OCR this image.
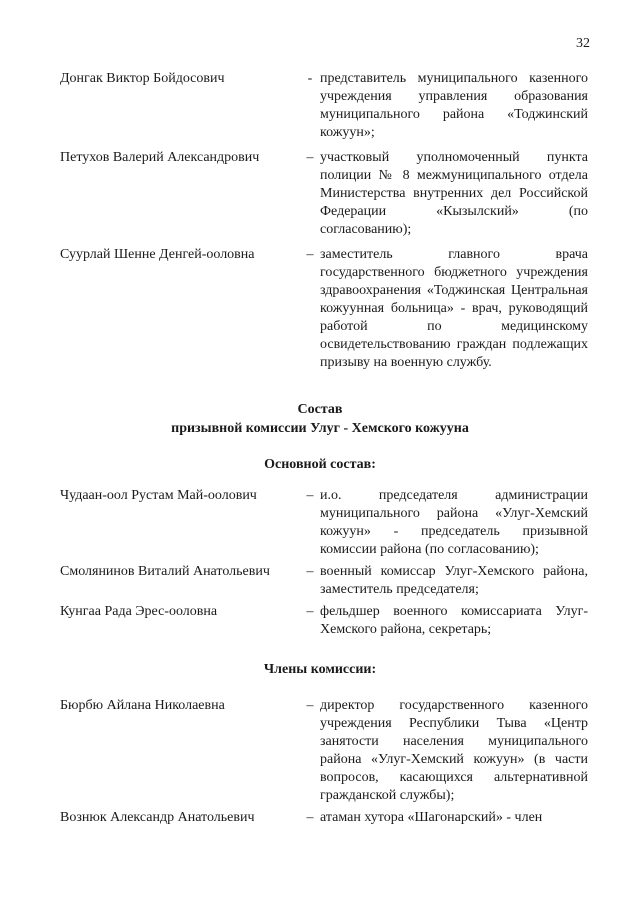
32
Донгак Виктор Бойдосович	- представитель муниципального казенного учреждения управления образования муниципального района «Тоджинский кожуун»;
Петухов Валерий Александрович	– участковый уполномоченный пункта полиции № 8 межмуниципального отдела Министерства внутренних дел Российской Федерации «Кызылский» (по согласованию);
Суурлай Шенне Денгей-ооловна	– заместитель главного врача государственного бюджетного учреждения здравоохранения «Тоджинская Центральная кожуунная больница» - врач, руководящий работой по медицинскому освидетельствованию граждан подлежащих призыву на военную службу.
Состав
призывной комиссии Улуг - Хемского кожууна
Основной состав:
Чудаан-оол Рустам Май-оолович	– и.о. председателя администрации муниципального района «Улуг-Хемский кожуун» - председатель призывной комиссии района (по согласованию);
Смолянинов Виталий Анатольевич	– военный комиссар Улуг-Хемского района, заместитель председателя;
Кунгаа Рада Эрес-ооловна	– фельдшер военного комиссариата Улуг-Хемского района, секретарь;
Члены комиссии:
Бюрбю Айлана Николаевна	– директор государственного казенного учреждения Республики Тыва «Центр занятости населения муниципального района «Улуг-Хемский кожуун» (в части вопросов, касающихся альтернативной гражданской службы);
Вознюк Александр Анатольевич	– атаман хутора «Шагонарский» - член
